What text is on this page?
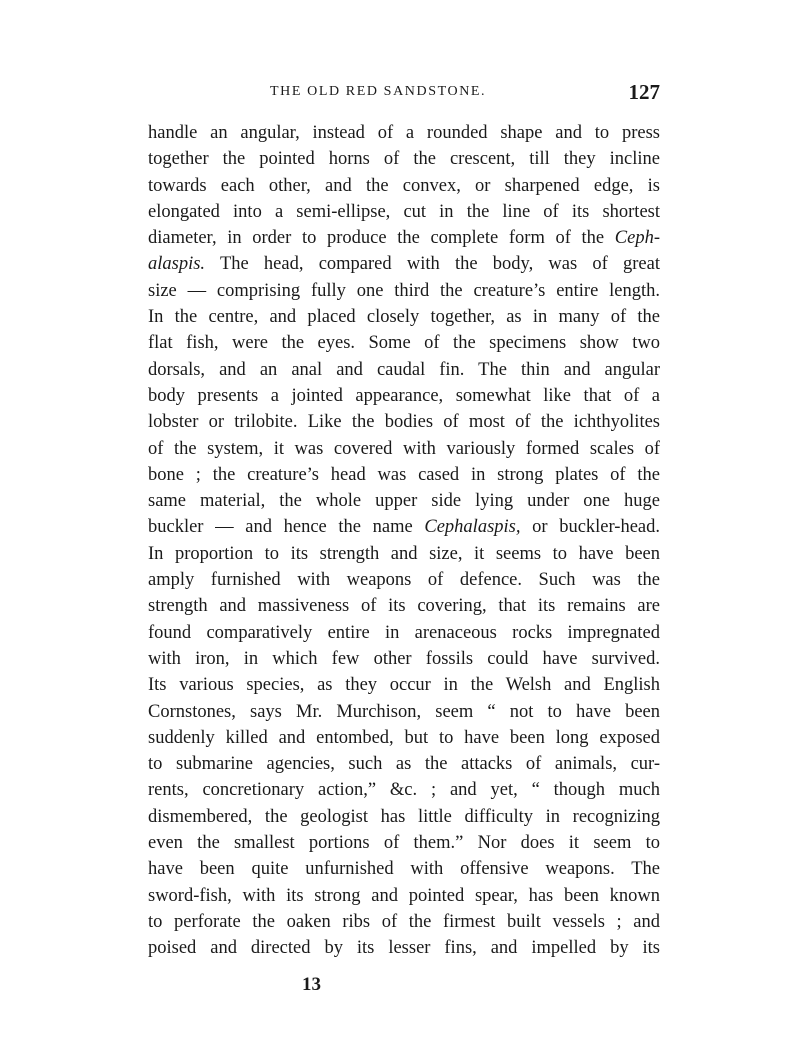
THE OLD RED SANDSTONE.	127
handle an angular, instead of a rounded shape and to press
together the pointed horns of the crescent, till they incline
towards each other, and the convex, or sharpened edge, is
elongated into a semi-ellipse, cut in the line of its shortest
diameter, in order to produce the complete form of the Ceph-
alaspis. The head, compared with the body, was of great
size — comprising fully one third the creature’s entire length.
In the centre, and placed closely together, as in many of the
flat fish, were the eyes. Some of the specimens show two
dorsals, and an anal and caudal fin. The thin and angular
body presents a jointed appearance, somewhat like that of a
lobster or trilobite. Like the bodies of most of the ichthyolites
of the system, it was covered with variously formed scales of
bone ; the creature’s head was cased in strong plates of the
same material, the whole upper side lying under one huge
buckler — and hence the name Cephalaspis, or buckler-head.
In proportion to its strength and size, it seems to have been
amply furnished with weapons of defence. Such was the
strength and massiveness of its covering, that its remains are
found comparatively entire in arenaceous rocks impregnated
with iron, in which few other fossils could have survived.
Its various species, as they occur in the Welsh and English
Cornstones, says Mr. Murchison, seem “ not to have been
suddenly killed and entombed, but to have been long exposed
to submarine agencies, such as the attacks of animals, cur-
rents, concretionary action,” &c. ; and yet, “ though much
dismembered, the geologist has little difficulty in recognizing
even the smallest portions of them.” Nor does it seem to
have been quite unfurnished with offensive weapons. The
sword-fish, with its strong and pointed spear, has been known
to perforate the oaken ribs of the firmest built vessels ; and
poised and directed by its lesser fins, and impelled by its
13
